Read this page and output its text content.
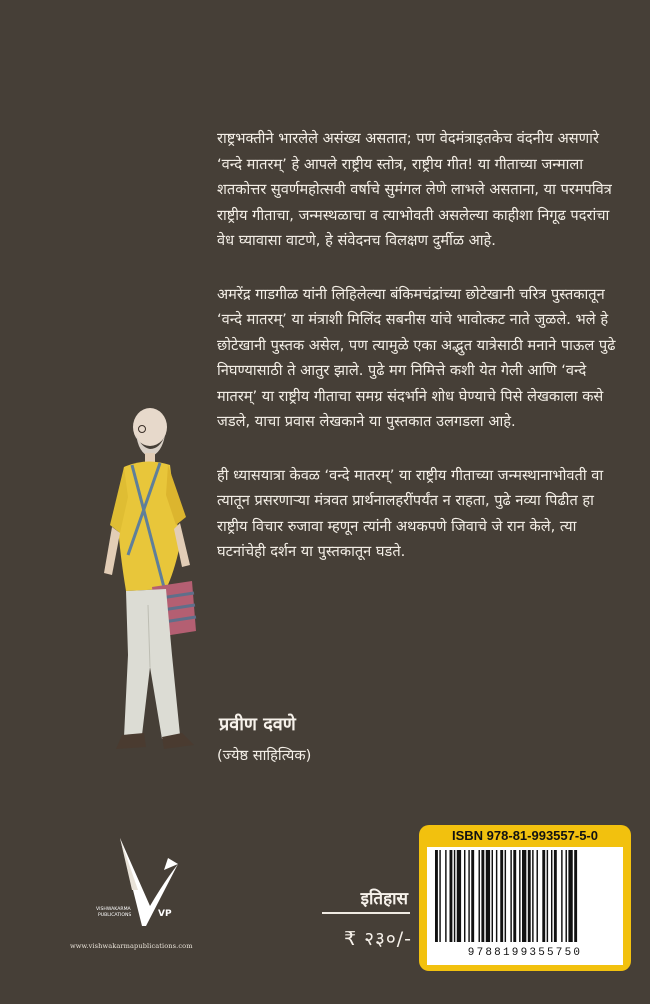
राष्ट्रभक्तीने भारलेले असंख्य असतात; पण वेदमंत्राइतकेच वंदनीय असणारे ‘वन्दे मातरम्’ हे आपले राष्ट्रीय स्तोत्र, राष्ट्रीय गीत! या गीताच्या जन्माला शतकोत्तर सुवर्णमहोत्सवी वर्षाचे सुमंगल लेणे लाभले असताना, या परमपवित्र राष्ट्रीय गीताचा, जन्मस्थळाचा व त्याभोवती असलेल्या काहीशा निगूढ पदरांचा वेध घ्यावासा वाटणे, हे संवेदनच विलक्षण दुर्मीळ आहे.

अमरेंद्र गाडगीळ यांनी लिहिलेल्या बंकिमचंद्रांच्या छोटेखानी चरित्र पुस्तकातून ‘वन्दे मातरम्’ या मंत्राशी मिलिंद सबनीस यांचे भावोत्कट नाते जुळले. भले हे छोटेखानी पुस्तक असेल, पण त्यामुळे एका अद्भुत यात्रेसाठी मनाने पाऊल पुढे निघण्यासाठी ते आतुर झाले. पुढे मग निमित्ते कशी येत गेली आणि ‘वन्दे मातरम्’ या राष्ट्रीय गीताचा समग्र संदर्भाने शोध घेण्याचे पिसे लेखकाला कसे जडले, याचा प्रवास लेखकाने या पुस्तकात उलगडला आहे.

ही ध्यासयात्रा केवळ ‘वन्दे मातरम्’ या राष्ट्रीय गीताच्या जन्मस्थानाभोवती वा त्यातून प्रसरणाऱ्या मंत्रवत प्रार्थनालहरींपर्यंत न राहता, पुढे नव्या पिढीत हा राष्ट्रीय विचार रुजावा म्हणून त्यांनी अथकपणे जिवाचे जे रान केले, त्या घटनांचेही दर्शन या पुस्तकातून घडते.

प्रवीण दवणे
(ज्येष्ठ साहित्यिक)
VISHWAKARMA
PUBLICATIONS	VP
www.vishwakarmapublications.com
इतिहास
₹ २३०/-
ISBN 978-81-993557-5-0
9788199355750
